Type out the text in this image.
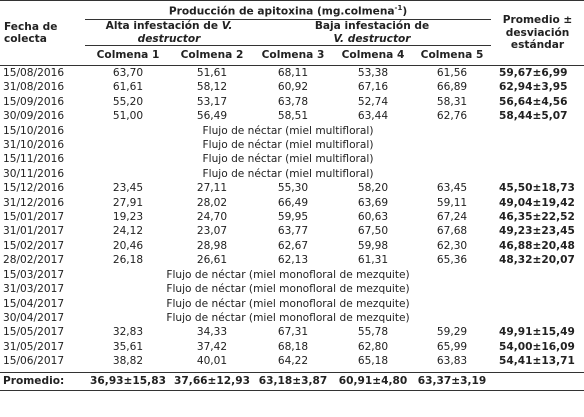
Fecha de
colecta	Producción de apitoxina (mg.colmena$^{-1}$)					Promedio ±
desviación
estándar
	Alta infestación de V.
destructor		Baja infestación de
V. destructor			
	Colmena 1	Colmena 2	Colmena 3	Colmena 4	Colmena 5	
15/08/2016	63,70	51,61	68,11	53,38	61,56	59,67±6,99
31/08/2016	61,61	58,12	60,92	67,16	66,89	62,94±3,95
15/09/2016	55,20	53,17	63,78	52,74	58,31	56,64±4,56
30/09/2016	51,00	56,49	58,51	63,44	62,76	58,44±5,07
15/10/2016	Flujo de néctar (miel multifloral)					
31/10/2016	Flujo de néctar (miel multifloral)					
15/11/2016	Flujo de néctar (miel multifloral)					
30/11/2016	Flujo de néctar (miel multifloral)					
15/12/2016	23,45	27,11	55,30	58,20	63,45	45,50±18,73
31/12/2016	27,91	28,02	66,49	63,69	59,11	49,04±19,42
15/01/2017	19,23	24,70	59,95	60,63	67,24	46,35±22,52
31/01/2017	24,12	23,07	63,77	67,50	67,68	49,23±23,45
15/02/2017	20,46	28,98	62,67	59,98	62,30	46,88±20,48
28/02/2017	26,18	26,61	62,13	61,31	65,36	48,32±20,07
15/03/2017	Flujo de néctar (miel monofloral de mezquite)					
31/03/2017	Flujo de néctar (miel monofloral de mezquite)					
15/04/2017	Flujo de néctar (miel monofloral de mezquite)					
30/04/2017	Flujo de néctar (miel monofloral de mezquite)					
15/05/2017	32,83	34,33	67,31	55,78	59,29	49,91±15,49
31/05/2017	35,61	37,42	68,18	62,80	65,99	54,00±16,09
15/06/2017	38,82	40,01	64,22	65,18	63,83	54,41±13,71

Promedio:	36,93±15,83	37,66±12,93	63,18±3,87	60,91±4,80	63,37±3,19	
